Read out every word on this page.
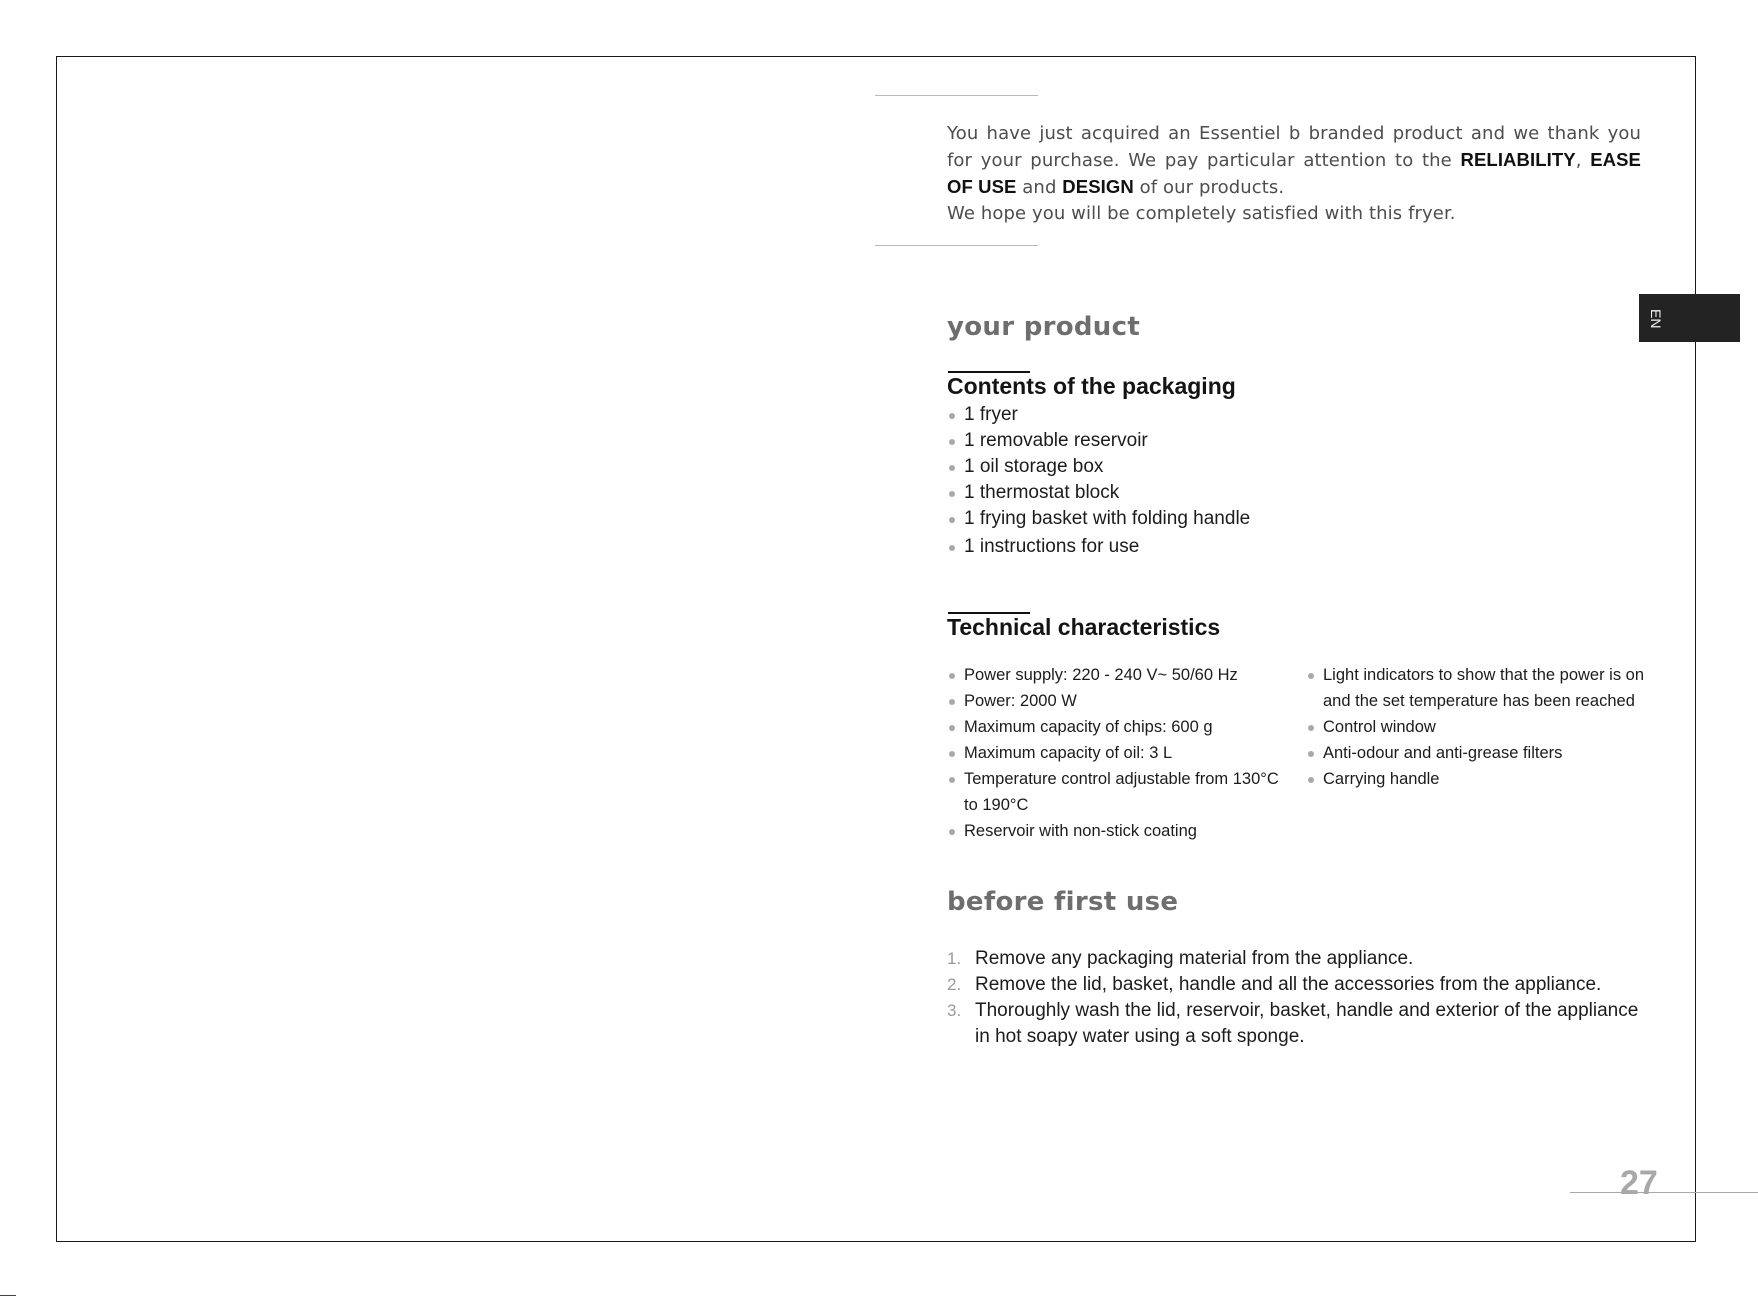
You have just acquired an Essentiel b branded product and we thank you for your purchase. We pay particular attention to the RELIABILITY, EASE OF USE and DESIGN of our products.
We hope you will be completely satisfied with this fryer.

EN
your product
Contents of the packaging
1 fryer
1 removable reservoir
1 oil storage box
1 thermostat block
1 frying basket with folding handle
1 instructions for use
Technical characteristics
Power supply: 220 - 240 V~ 50/60 Hz
Power: 2000 W
Maximum capacity of chips: 600 g
Maximum capacity of oil: 3 L
Temperature control adjustable from 130°C to 190°C
Reservoir with non-stick coating
Light indicators to show that the power is on and the set temperature has been reached
Control window
Anti-odour and anti-grease filters
Carrying handle
before first use
1. Remove any packaging material from the appliance.
2. Remove the lid, basket, handle and all the accessories from the appliance.
3. Thoroughly wash the lid, reservoir, basket, handle and exterior of the appliance in hot soapy water using a soft sponge.

27
